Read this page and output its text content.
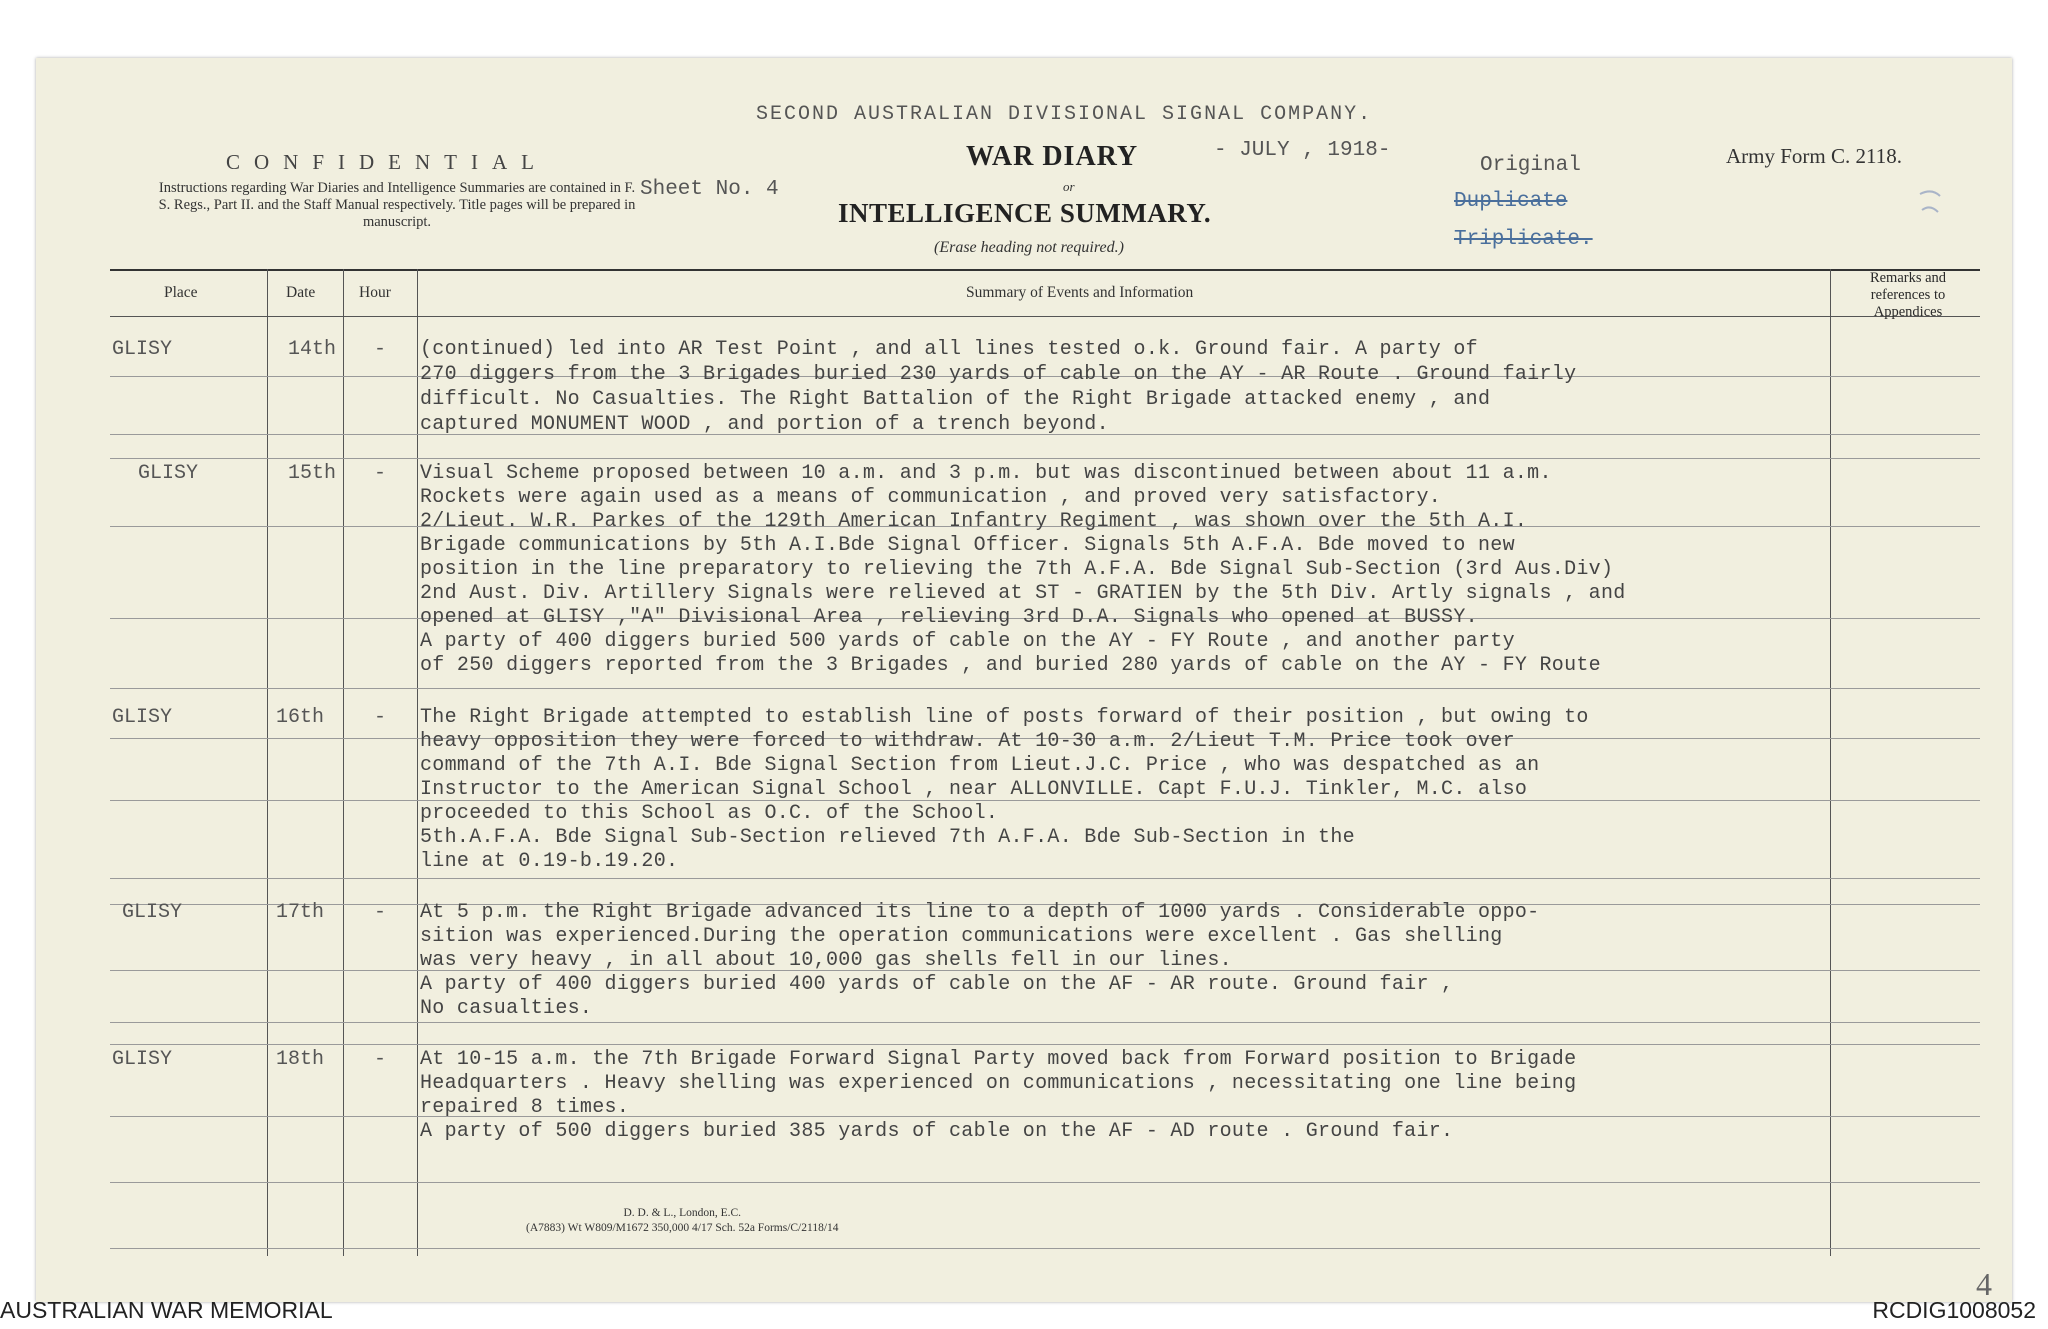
SECOND AUSTRALIAN DIVISIONAL SIGNAL COMPANY.
CONFIDENTIAL
Instructions regarding War Diaries and Intelligence Summaries are contained in F. S. Regs., Part II. and the Staff Manual respectively. Title pages will be prepared in manuscript.
Sheet No. 4
WAR DIARY
or
INTELLIGENCE SUMMARY.
(Erase heading not required.)
- JULY , 1918-
Original
Duplicate
Triplicate.
Army Form C. 2118.
Place	Date	Hour	Summary of Events and Information
Remarks and references to Appendices
GLISY	14th - (continued) led into AR Test Point , and all lines tested o.k. Ground fair. A party of
270 diggers from the 3 Brigades buried 230 yards of cable on the AY - AR Route . Ground fairly
difficult. No Casualties. The Right Battalion of the Right Brigade attacked enemy , and
captured MONUMENT WOOD , and portion of a trench beyond.
GLISY	15th - Visual Scheme proposed between 10 a.m. and 3 p.m. but was discontinued between about 11 a.m.
Rockets were again used as a means of communication , and proved very satisfactory.
2/Lieut. W.R. Parkes of the 129th American Infantry Regiment , was shown over the 5th A.I.
Brigade communications by 5th A.I.Bde Signal Officer. Signals 5th A.F.A. Bde moved to new
position in the line preparatory to relieving the 7th A.F.A. Bde Signal Sub-Section (3rd Aus.Div)
2nd Aust. Div. Artillery Signals were relieved at ST - GRATIEN by the 5th Div. Artly signals , and
opened at GLISY ,"A" Divisional Area , relieving 3rd D.A. Signals who opened at BUSSY.
A party of 400 diggers buried 500 yards of cable on the AY - FY Route , and another party
of 250 diggers reported from the 3 Brigades , and buried 280 yards of cable on the AY - FY Route
GLISY	16th - The Right Brigade attempted to establish line of posts forward of their position , but owing to
heavy opposition they were forced to withdraw. At 10-30 a.m. 2/Lieut T.M. Price took over
command of the 7th A.I. Bde Signal Section from Lieut.J.C. Price , who was despatched as an
Instructor to the American Signal School , near ALLONVILLE. Capt F.U.J. Tinkler, M.C. also
proceeded to this School as O.C. of the School.
5th.A.F.A. Bde Signal Sub-Section relieved 7th A.F.A. Bde Sub-Section in the
line at 0.19-b.19.20.
GLISY	17th - At 5 p.m. the Right Brigade advanced its line to a depth of 1000 yards . Considerable oppo-
sition was experienced.During the operation communications were excellent . Gas shelling
was very heavy , in all about 10,000 gas shells fell in our lines.
A party of 400 diggers buried 400 yards of cable on the AF - AR route. Ground fair ,
No casualties.
GLISY	18th - At 10-15 a.m. the 7th Brigade Forward Signal Party moved back from Forward position to Brigade
Headquarters . Heavy shelling was experienced on communications , necessitating one line being
repaired 8 times.
A party of 500 diggers buried 385 yards of cable on the AF - AD route . Ground fair.
D. D. & L., London, E.C.
(A7883) Wt W809/M1672 350,000 4/17 Sch. 52a Forms/C/2118/14
4
AUSTRALIAN WAR MEMORIAL	RCDIG1008052
